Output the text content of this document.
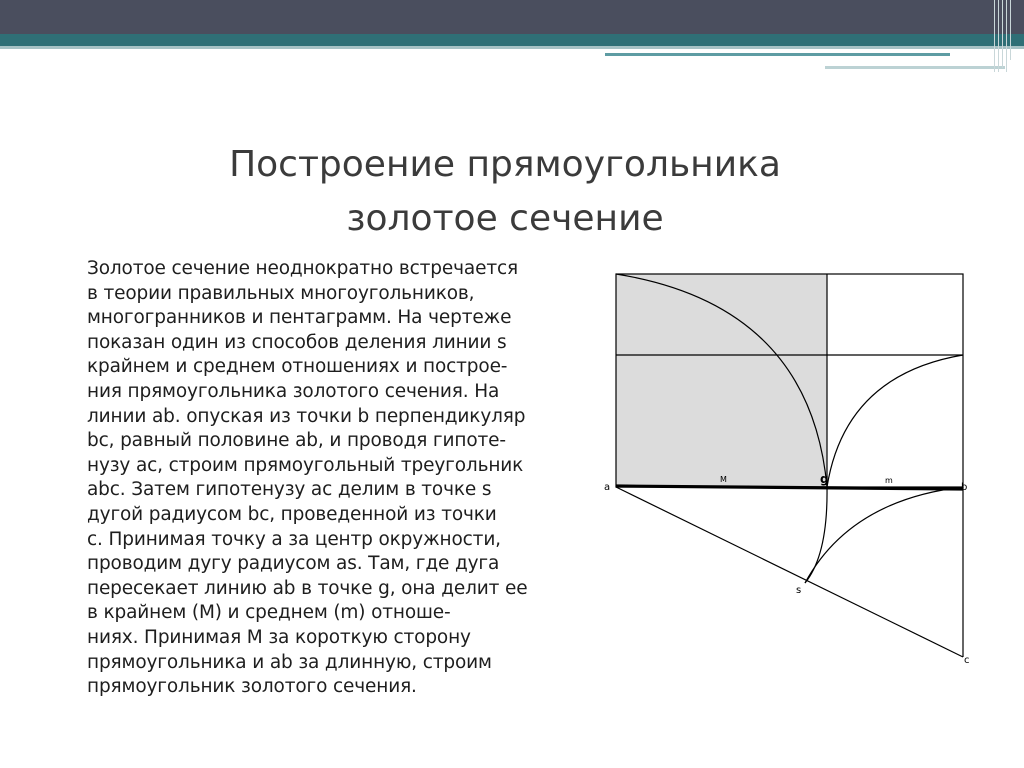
Построение прямоугольника
золотое сечение
Золотое сечение неоднократно встречается
в теории правильных многоугольников,
многогранников и пентаграмм. На чертеже
показан один из способов деления линии s
крайнем и среднем отношениях и построе-
ния прямоугольника золотого сечения. На
линии ab. опуская из точки b перпендикуляр
bc, равный половине ab, и проводя гипоте-
нузу ac, строим прямоугольный треугольник
abc. Затем гипотенузу ac делим в точке s
дугой радиусом bc, проведенной из точки
c. Принимая точку a за центр окружности,
проводим дугу радиусом as. Там, где дуга
пересекает линию ab в точке g, она делит ее
в крайнем (M) и среднем (m) отноше-
ниях. Принимая M за короткую сторону
прямоугольника и ab за длинную, строим
прямоугольник золотого сечения.
a	b
c
g
s
M	m
